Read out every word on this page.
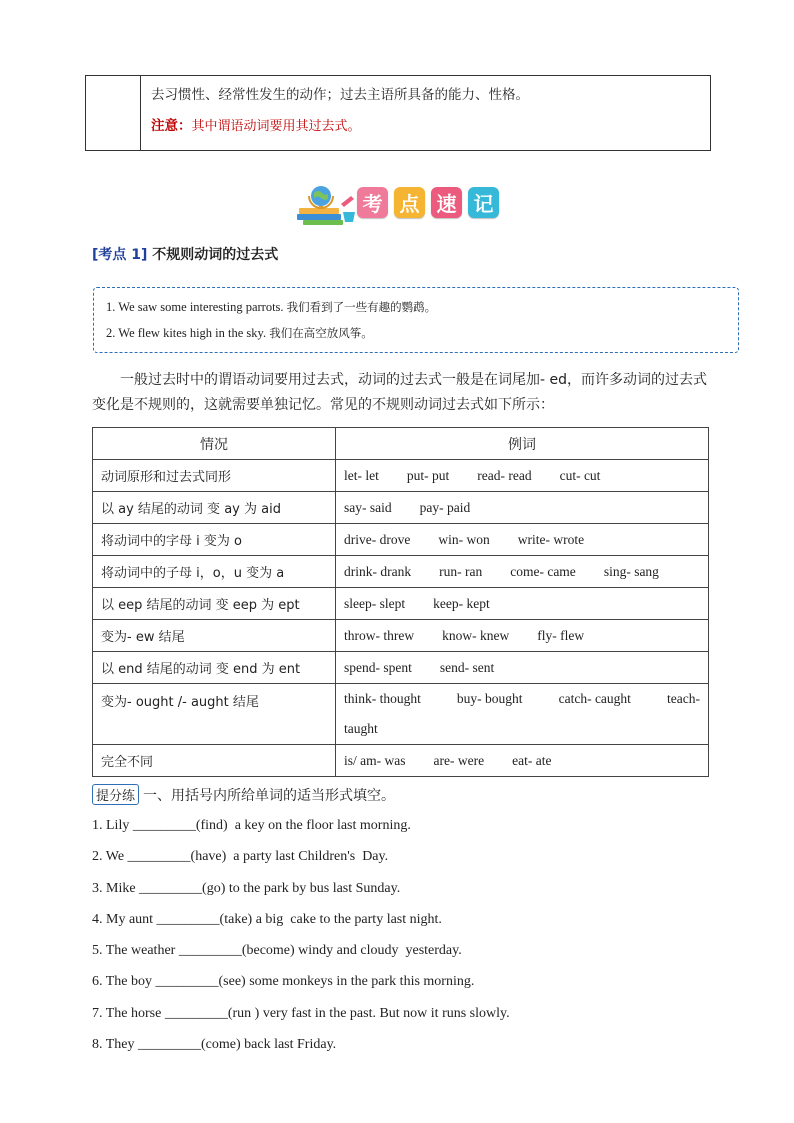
去习惯性、经常性发生的动作；过去主语所具备的能力、性格。
注意：其中谓语动词要用其过去式。
考 点 速 记
[考点 1] 不规则动词的过去式
1. We saw some interesting parrots. 我们看到了一些有趣的鹦鹉。
2. We flew kites high in the sky. 我们在高空放风筝。
一般过去时中的谓语动词要用过去式，动词的过去式一般是在词尾加- ed，而许多动词的过去式变化是不规则的，这就需要单独记忆。常见的不规则动词过去式如下所示：
情况	例词
动词原形和过去式同形	let- let put- put read- read cut- cut

以 ay 结尾的动词 变 ay 为 aid	say- said pay- paid

将动词中的字母 i 变为 o	drive- drove win- won write- wrote

将动词中的子母 i，o，u 变为 a	drink- drank run- ran come- came sing- sang

以 eep 结尾的动词 变 eep 为 ept	sleep- slept keep- kept

变为- ew 结尾	throw- threw know- knew fly- flew

以 end 结尾的动词 变 end 为 ent	spend- spent send- sent

变为- ought /- aught 结尾	think- thought buy- bought catch- caught teach-
taught

完全不同	is/ am- was are- were eat- ate
提分练 一、用括号内所给单词的适当形式填空。
1. Lily _________(find)  a key on the floor last morning.
2. We _________(have)  a party last Children's  Day.
3. Mike _________(go) to the park by bus last Sunday.
4. My aunt _________(take) a big  cake to the party last night.
5. The weather _________(become) windy and cloudy  yesterday.
6. The boy _________(see) some monkeys in the park this morning.
7. The horse _________(run ) very fast in the past. But now it runs slowly.
8. They _________(come) back last Friday.
